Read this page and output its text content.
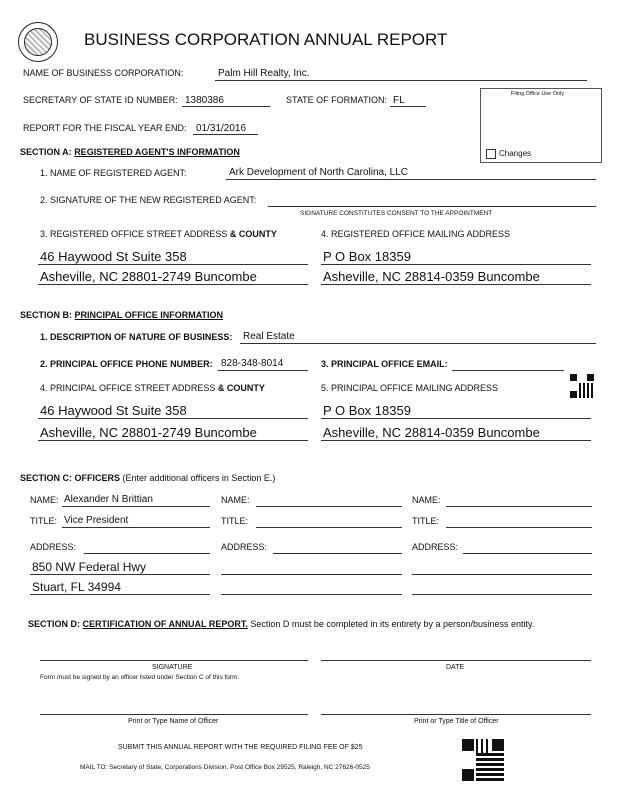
BUSINESS CORPORATION ANNUAL REPORT
NAME OF BUSINESS CORPORATION:	Palm Hill Realty, Inc.
SECRETARY OF STATE ID NUMBER: 1380386	STATE OF FORMATION: FL
REPORT FOR THE FISCAL YEAR END: 01/31/2016
Filing Office Use Only
Changes
SECTION A: REGISTERED AGENT'S INFORMATION
1. NAME OF REGISTERED AGENT:	Ark Development of North Carolina, LLC
2. SIGNATURE OF THE NEW REGISTERED AGENT:
SIGNATURE CONSTITUTES CONSENT TO THE APPOINTMENT
3. REGISTERED OFFICE STREET ADDRESS & COUNTY	4. REGISTERED OFFICE MAILING ADDRESS
46 Haywood St Suite 358
Asheville, NC 28801-2749 Buncombe
P O Box 18359
Asheville, NC 28814-0359 Buncombe
SECTION B: PRINCIPAL OFFICE INFORMATION
1. DESCRIPTION OF NATURE OF BUSINESS: Real Estate
2. PRINCIPAL OFFICE PHONE NUMBER: 828-348-8014	3. PRINCIPAL OFFICE EMAIL:
4. PRINCIPAL OFFICE STREET ADDRESS & COUNTY	5. PRINCIPAL OFFICE MAILING ADDRESS
46 Haywood St Suite 358
Asheville, NC 28801-2749 Buncombe
P O Box 18359
Asheville, NC 28814-0359 Buncombe
SECTION C: OFFICERS (Enter additional officers in Section E.)
NAME: Alexander N Brittian
TITLE: Vice President
ADDRESS:
850 NW Federal Hwy
Stuart, FL 34994
NAME:
TITLE:
ADDRESS:
NAME:
TITLE:
ADDRESS:
SECTION D: CERTIFICATION OF ANNUAL REPORT. Section D must be completed in its entirety by a person/business entity.
SIGNATURE
Form must be signed by an officer listed under Section C of this form.
DATE
Print or Type Name of Officer	Print or Type Title of Officer
SUBMIT THIS ANNUAL REPORT WITH THE REQUIRED FILING FEE OF $25
MAIL TO: Secretary of State, Corporations Division, Post Office Box 29525, Raleigh, NC 27626-0525
